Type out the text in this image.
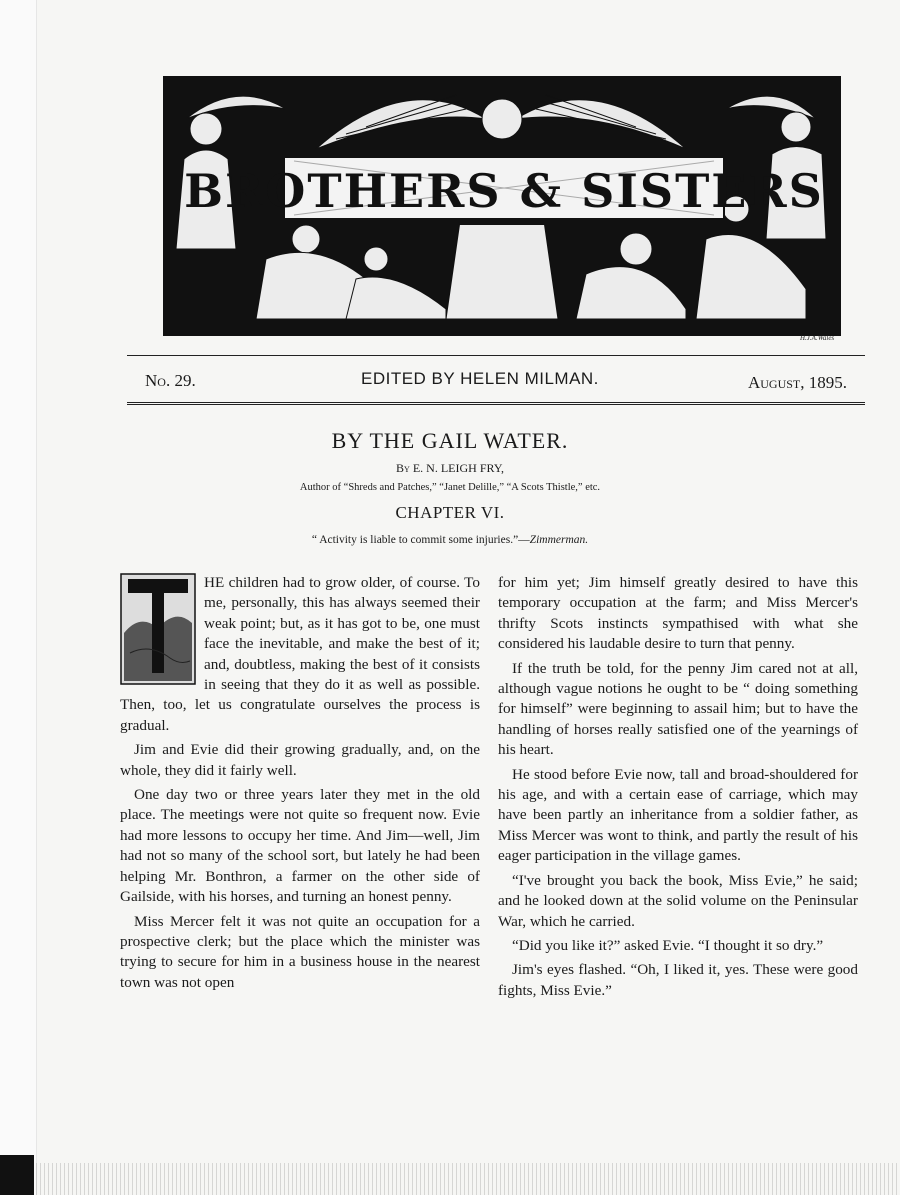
BROTHERS & SISTERS
H.J.A.Wales
No. 29.	EDITED BY HELEN MILMAN.	August, 1895.
BY THE GAIL WATER.
By E. N. LEIGH FRY,
Author of “Shreds and Patches,” “Janet Delille,” “A Scots Thistle,” etc.
CHAPTER VI.
“ Activity is liable to commit some injuries.”—Zimmerman.

HE children had to grow older, of course. To me, personally, this has always seemed their weak point; but, as it has got to be, one must face the inevitable, and make the best of it; and, doubtless, making the best of it consists in seeing that they do it as well as possible. Then, too, let us congratulate ourselves the process is gradual.

Jim and Evie did their growing gradually, and, on the whole, they did it fairly well.

One day two or three years later they met in the old place. The meetings were not quite so frequent now. Evie had more lessons to occupy her time. And Jim—well, Jim had not so many of the school sort, but lately he had been helping Mr. Bonthron, a farmer on the other side of Gailside, with his horses, and turning an honest penny.

Miss Mercer felt it was not quite an occupation for a prospective clerk; but the place which the minister was trying to secure for him in a business house in the nearest town was not open

for him yet; Jim himself greatly desired to have this temporary occupation at the farm; and Miss Mercer's thrifty Scots instincts sympathised with what she considered his laudable desire to turn that penny.

If the truth be told, for the penny Jim cared not at all, although vague notions he ought to be “ doing something for himself” were beginning to assail him; but to have the handling of horses really satisfied one of the yearnings of his heart.

He stood before Evie now, tall and broad-shouldered for his age, and with a certain ease of carriage, which may have been partly an inheritance from a soldier father, as Miss Mercer was wont to think, and partly the result of his eager participation in the village games.

“I've brought you back the book, Miss Evie,” he said; and he looked down at the solid volume on the Peninsular War, which he carried.

“Did you like it?” asked Evie. “I thought it so dry.”

Jim's eyes flashed. “Oh, I liked it, yes. These were good fights, Miss Evie.”
